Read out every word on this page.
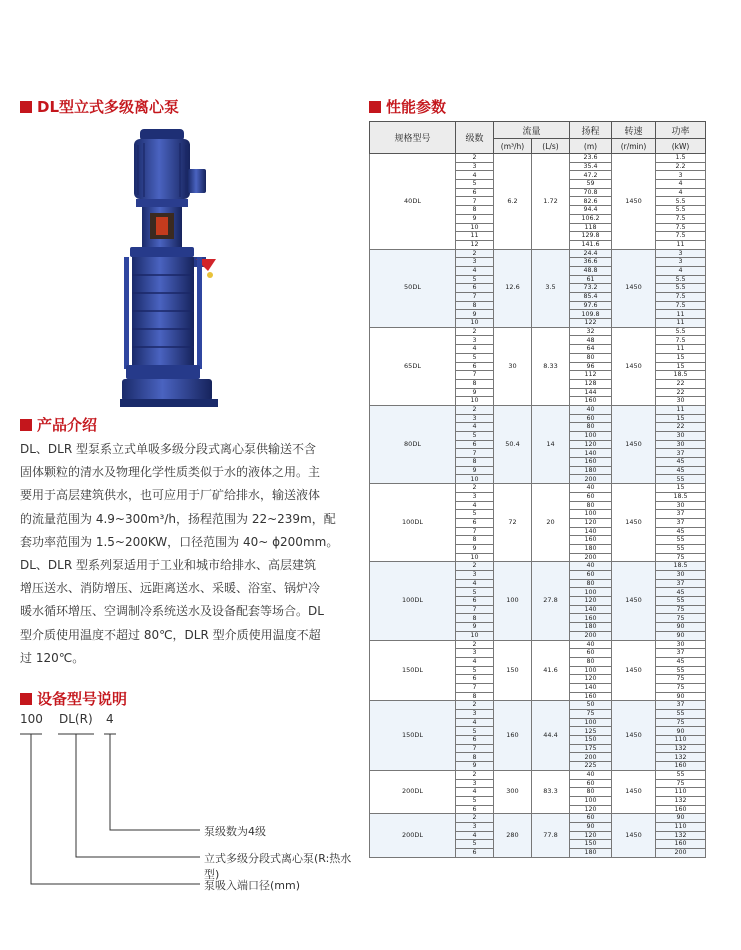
DL型立式多级离心泵	性能参数
产品介绍
设备型号说明

DL、DLR 型泵系立式单吸多级分段式离心泵供输送不含

固体颗粒的清水及物理化学性质类似于水的液体之用。主

要用于高层建筑供水，也可应用于厂矿给排水，输送液体

的流量范围为 4.9~300m³/h，扬程范围为 22~239m，配

套功率范围为 1.5~200KW，口径范围为 40~ ϕ200mm。

DL、DLR 型系列泵适用于工业和城市给排水、高层建筑

增压送水、消防增压、远距离送水、采暖、浴室、锅炉冷

暖水循环增压、空调制冷系统送水及设备配套等场合。DL

型介质使用温度不超过 80℃，DLR 型介质使用温度不超

过 120℃。

100 DL(R) 4
泵级数为4级
立式多级分段式离心泵(R:热水型)
泵吸入端口径(mm)
规格型号	级数	流量		扬程	转速	功率
		(m³/h)	(L/s)	(m)	(r/min)	(kW)
40DL	2	6.2	1.72	23.6	1450	1.5
	3			35.4		2.2
	4			47.2		3
	5			59		4
	6			70.8		4
	7			82.6		5.5
	8			94.4		5.5
	9			106.2		7.5
	10			118		7.5
	11			129.8		7.5
	12			141.6		11
50DL	2	12.6	3.5	24.4	1450	3
	3			36.6		3
	4			48.8		4
	5			61		5.5
	6			73.2		5.5
	7			85.4		7.5
	8			97.6		7.5
	9			109.8		11
	10			122		11
65DL	2	30	8.33	32	1450	5.5
	3			48		7.5
	4			64		11
	5			80		15
	6			96		15
	7			112		18.5
	8			128		22
	9			144		22
	10			160		30
80DL	2	50.4	14	40	1450	11
	3			60		15
	4			80		22
	5			100		30
	6			120		30
	7			140		37
	8			160		45
	9			180		45
	10			200		55
100DL	2	72	20	40	1450	15
	3			60		18.5
	4			80		30
	5			100		37
	6			120		37
	7			140		45
	8			160		55
	9			180		55
	10			200		75
100DL	2	100	27.8	40	1450	18.5
	3			60		30
	4			80		37
	5			100		45
	6			120		55
	7			140		75
	8			160		75
	9			180		90
	10			200		90
150DL	2	150	41.6	40	1450	30
	3			60		37
	4			80		45
	5			100		55
	6			120		75
	7			140		75
	8			160		90
150DL	2	160	44.4	50	1450	37
	3			75		55
	4			100		75
	5			125		90
	6			150		110
	7			175		132
	8			200		132
	9			225		160
200DL	2	300	83.3	40	1450	55
	3			60		75
	4			80		110
	5			100		132
	6			120		160
200DL	2	280	77.8	60	1450	90
	3			90		110
	4			120		132
	5			150		160
	6			180		200
